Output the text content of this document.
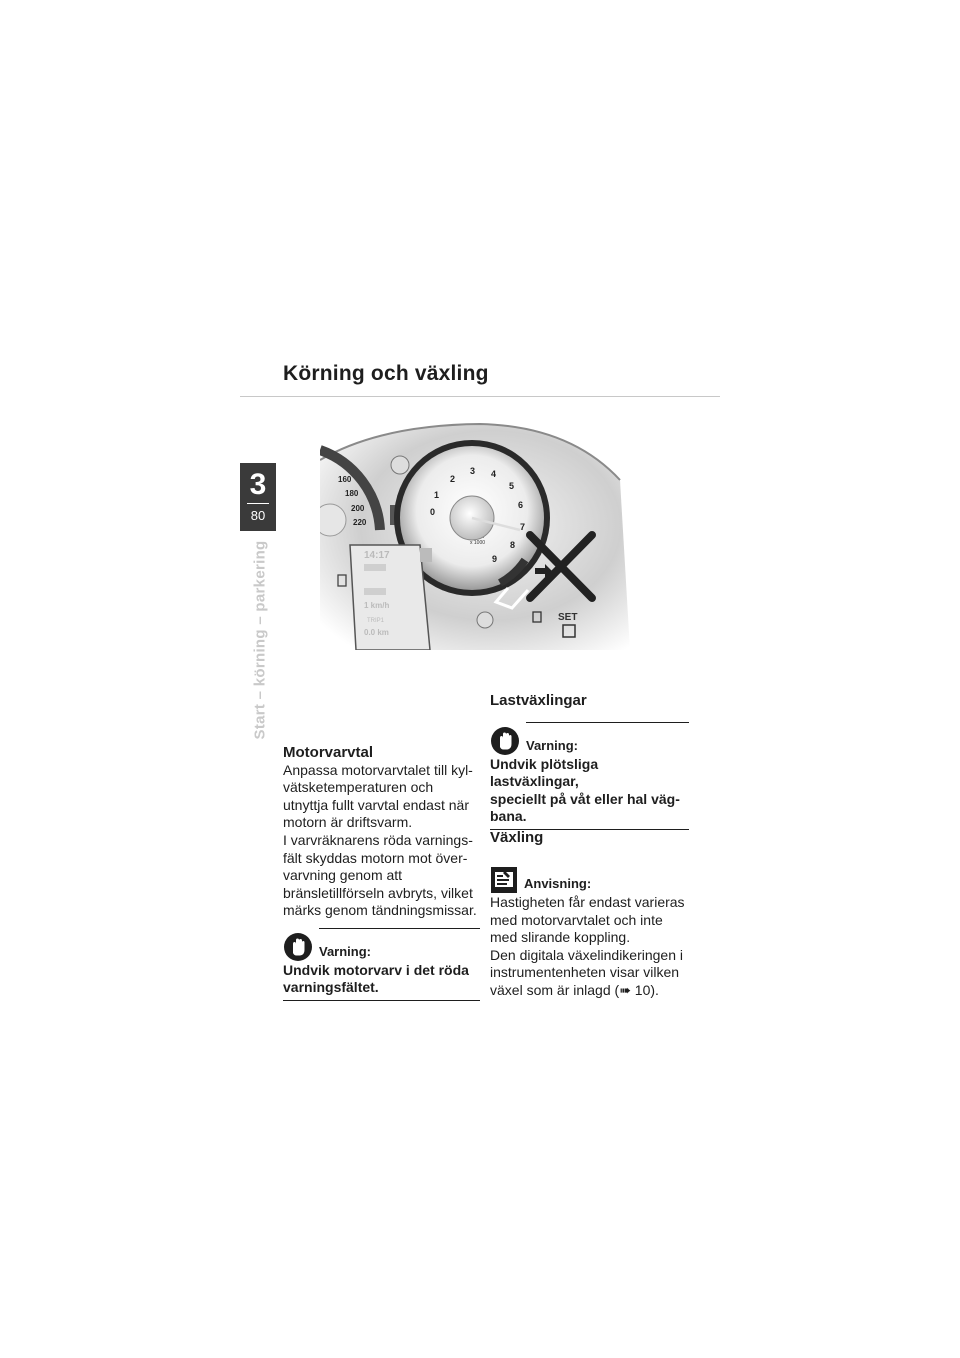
Körning och växling
3
80
Start – körning – parkering
160
180
200
220
0
1
2
3 4
5
6
7
8
9
x 1000
14:17
1 km/h
TRIP1
0.0 km
SET
Motorvarvtal
Anpassa motorvarvtalet till kyl-
vätsketemperaturen och
utnyttja fullt varvtal endast när
motorn är driftsvarm.
I varvräknarens röda varnings-
fält skyddas motorn mot över-
varvning genom att
bränsletillförseln avbryts, vilket
märks genom tändningsmissar.
Varning:
Undvik motorvarv i det röda
varningsfältet.
Lastväxlingar
Varning:
Undvik plötsliga lastväxlingar,
speciellt på våt eller hal väg-
bana.
Växling
Anvisning:
Hastigheten får endast varieras
med motorvarvtalet och inte
med slirande koppling.
Den digitala växelindikeringen i
instrumentenheten visar vilken
växel som är inlagd (➠ 10).
